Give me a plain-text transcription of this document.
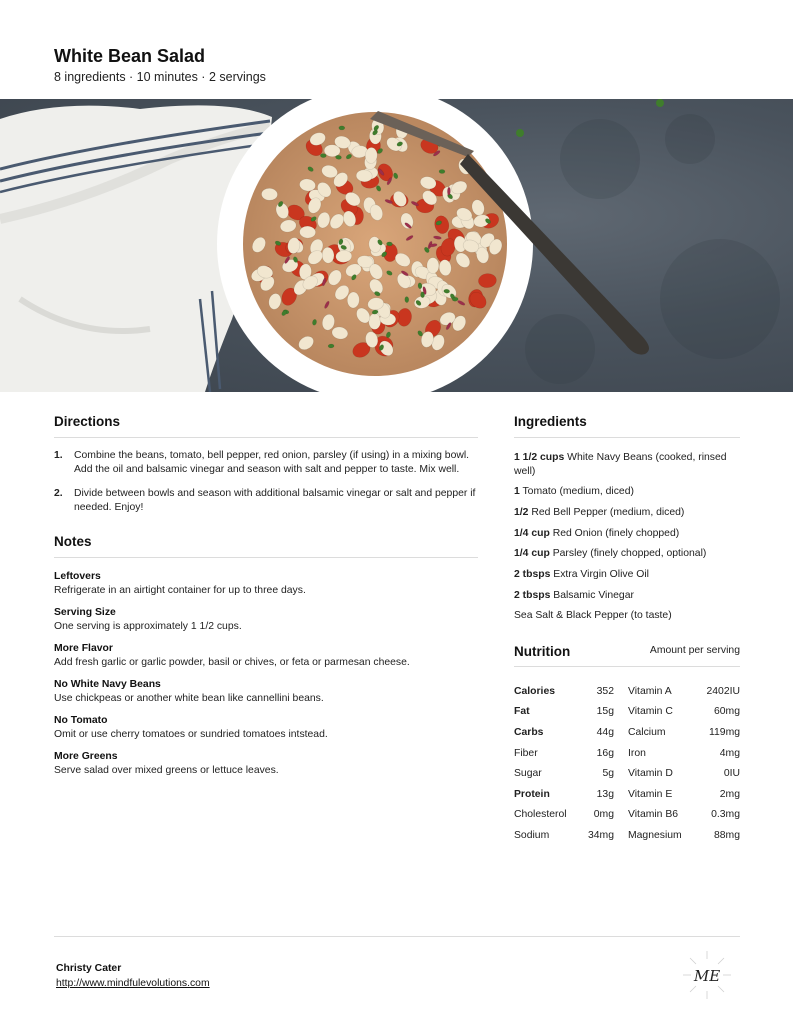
White Bean Salad
8 ingredients · 10 minutes · 2 servings
Directions
1. Combine the beans, tomato, bell pepper, red onion, parsley (if using) in a mixing bowl. Add the oil and balsamic vinegar and season with salt and pepper to taste. Mix well.
2. Divide between bowls and season with additional balsamic vinegar or salt and pepper if needed. Enjoy!
Notes
Leftovers
Refrigerate in an airtight container for up to three days.
Serving Size
One serving is approximately 1 1/2 cups.
More Flavor
Add fresh garlic or garlic powder, basil or chives, or feta or parmesan cheese.
No White Navy Beans
Use chickpeas or another white bean like cannellini beans.
No Tomato
Omit or use cherry tomatoes or sundried tomatoes intstead.
More Greens
Serve salad over mixed greens or lettuce leaves.
Ingredients
1 1/2 cups White Navy Beans (cooked, rinsed well)
1 Tomato (medium, diced)
1/2 Red Bell Pepper (medium, diced)
1/4 cup Red Onion (finely chopped)
1/4 cup Parsley (finely chopped, optional)
2 tbsps Extra Virgin Olive Oil
2 tbsps Balsamic Vinegar
Sea Salt & Black Pepper (to taste)
Nutrition	Amount per serving
Calories	352	Vitamin A	2402IU
Fat	15g	Vitamin C	60mg
Carbs	44g	Calcium	119mg
Fiber	16g	Iron	4mg
Sugar	5g	Vitamin D	0IU
Protein	13g	Vitamin E	2mg
Cholesterol	0mg	Vitamin B6	0.3mg
Sodium	34mg	Magnesium	88mg
Christy Cater
http://www.mindfulevolutions.com	ME
